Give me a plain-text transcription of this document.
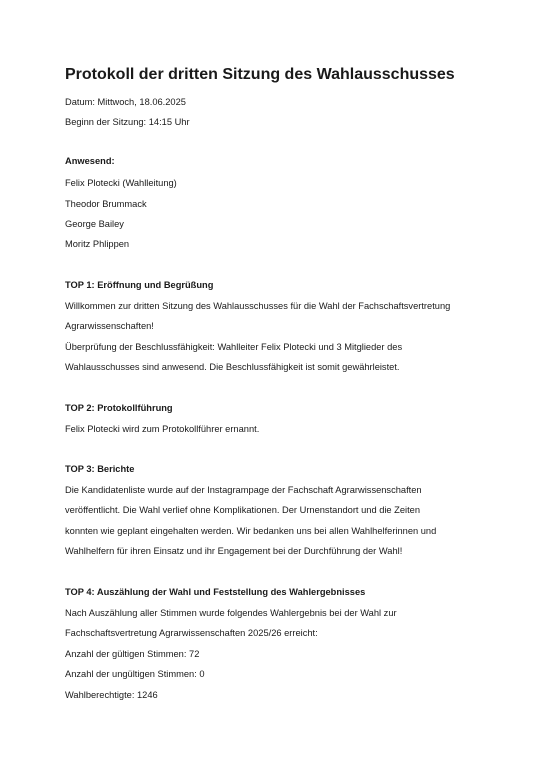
Protokoll der dritten Sitzung des Wahlausschusses

Datum: Mittwoch, 18.06.2025

Beginn der Sitzung: 14:15 Uhr

Anwesend:

Felix Plotecki (Wahlleitung)

Theodor Brummack

George Bailey

Moritz Phlippen

TOP 1: Eröffnung und Begrüßung

Willkommen zur dritten Sitzung des Wahlausschusses für die Wahl der Fachschaftsvertretung

Agrarwissenschaften!

Überprüfung der Beschlussfähigkeit: Wahlleiter Felix Plotecki und 3 Mitglieder des

Wahlausschusses sind anwesend. Die Beschlussfähigkeit ist somit gewährleistet.

TOP 2: Protokollführung

Felix Plotecki wird zum Protokollführer ernannt.

TOP 3: Berichte

Die Kandidatenliste wurde auf der Instagrampage der Fachschaft Agrarwissenschaften

veröffentlicht. Die Wahl verlief ohne Komplikationen. Der Urnenstandort und die Zeiten

konnten wie geplant eingehalten werden. Wir bedanken uns bei allen Wahlhelferinnen und

Wahlhelfern für ihren Einsatz und ihr Engagement bei der Durchführung der Wahl!

TOP 4: Auszählung der Wahl und Feststellung des Wahlergebnisses

Nach Auszählung aller Stimmen wurde folgendes Wahlergebnis bei der Wahl zur

Fachschaftsvertretung Agrarwissenschaften 2025/26 erreicht:

Anzahl der gültigen Stimmen: 72

Anzahl der ungültigen Stimmen: 0

Wahlberechtigte: 1246
